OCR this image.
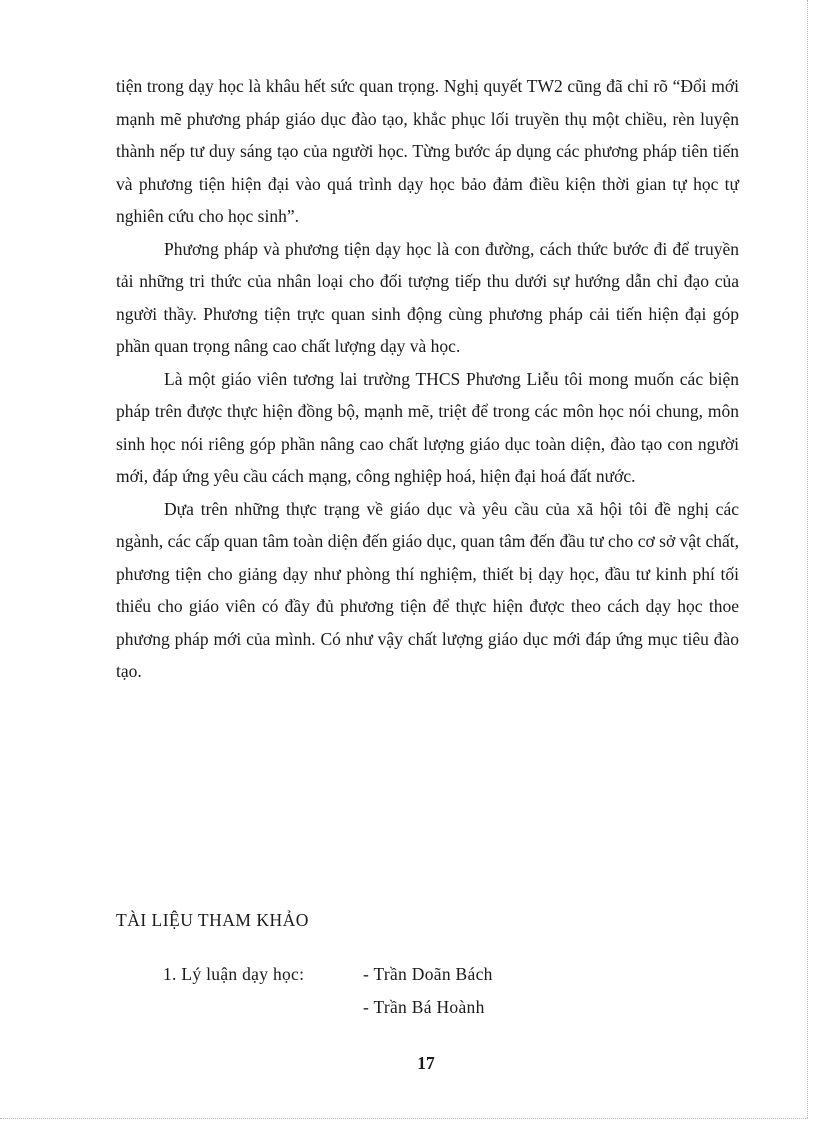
tiện trong dạy học là khâu hết sức quan trọng. Nghị quyết TW2 cũng đã chỉ rõ “Đổi mới mạnh mẽ phương pháp giáo dục đào tạo, khắc phục lối truyền thụ một chiều, rèn luyện thành nếp tư duy sáng tạo của người học. Từng bước áp dụng các phương pháp tiên tiến và phương tiện hiện đại vào quá trình dạy học bảo đảm điều kiện thời gian tự học tự nghiên cứu cho học sinh”.

Phương pháp và phương tiện dạy học là con đường, cách thức bước đi để truyền tải những tri thức của nhân loại cho đối tượng tiếp thu dưới sự hướng dẫn chỉ đạo của người thầy. Phương tiện trực quan sinh động cùng phương pháp cải tiến hiện đại góp phần quan trọng nâng cao chất lượng dạy và học.

Là một giáo viên tương lai trường THCS Phương Liễu tôi mong muốn các biện pháp trên được thực hiện đồng bộ, mạnh mẽ, triệt để trong các môn học nói chung, môn sinh học nói riêng góp phần nâng cao chất lượng giáo dục toàn diện, đào tạo con người mới, đáp ứng yêu cầu cách mạng, công nghiệp hoá, hiện đại hoá đất nước.

Dựa trên những thực trạng về giáo dục và yêu cầu của xã hội tôi đề nghị các ngành, các cấp quan tâm toàn diện đến giáo dục, quan tâm đến đầu tư cho cơ sở vật chất, phương tiện cho giảng dạy như phòng thí nghiệm, thiết bị dạy học, đầu tư kinh phí tối thiểu cho giáo viên có đầy đủ phương tiện để thực hiện được theo cách dạy học thoe phương pháp mới của mình. Có như vậy chất lượng giáo dục mới đáp ứng mục tiêu đào tạo.

TÀI LIỆU THAM KHẢO
1. Lý luận dạy học:	- Trần Doãn Bách
- Trần Bá Hoành
17
